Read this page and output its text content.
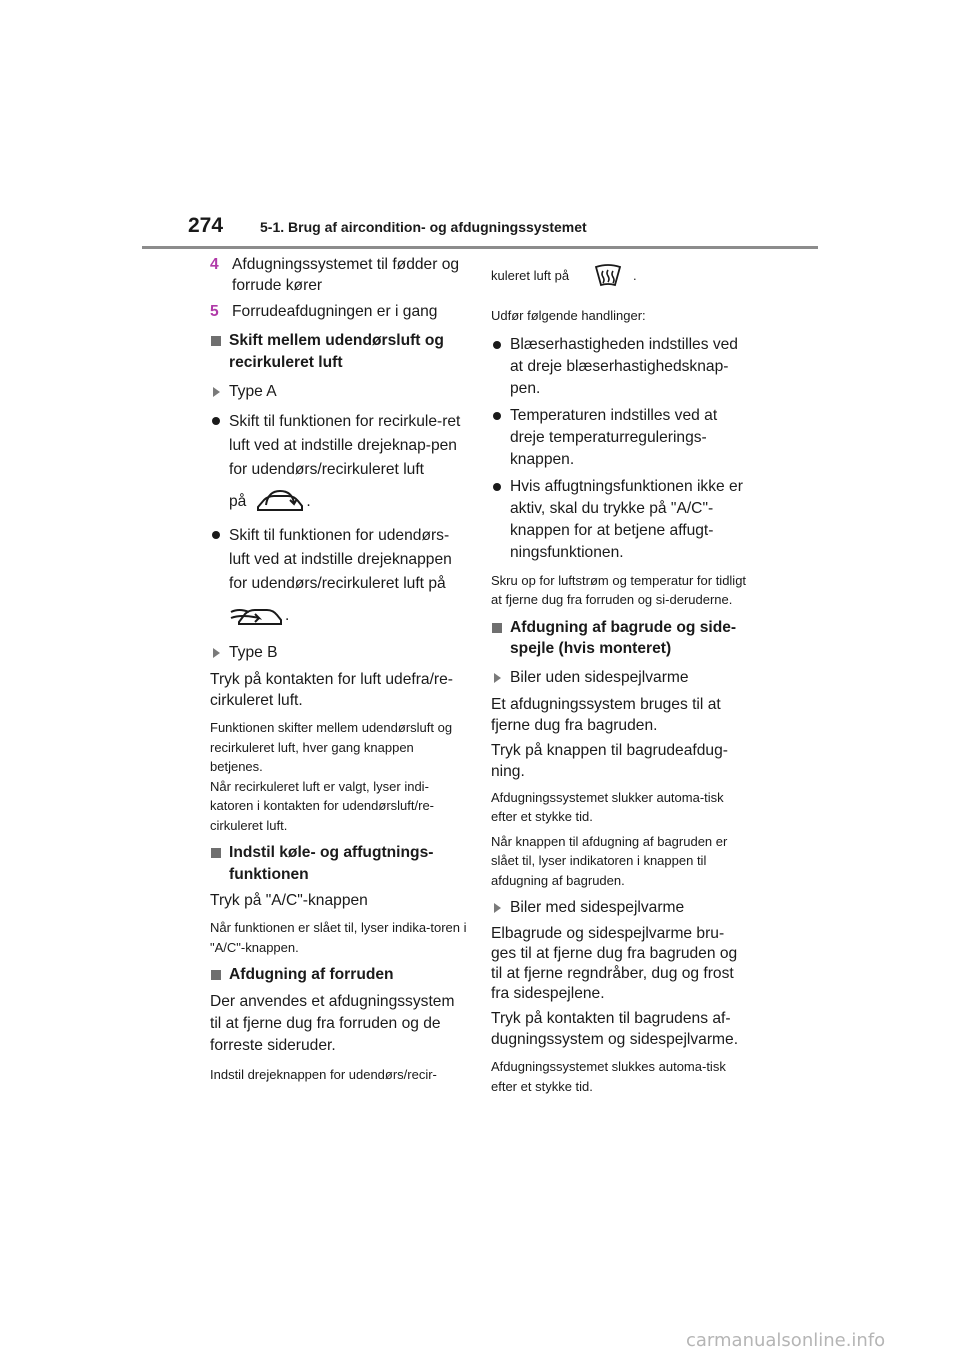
274	5-1. Brug af aircondition- og afdugningssystemet
4 Afdugningssystemet til fødder og forrude kører
5 Forrudeafdugningen er i gang
Skift mellem udendørsluft og recirkuleret luft
Type A
Skift til funktionen for recirkule-ret luft ved at indstille drejeknap-pen for udendørs/recirkuleret luft
på	.
Skift til funktionen for udendørs-luft ved at indstille drejeknappen for udendørs/recirkuleret luft på
.
Type B

Tryk på kontakten for luft udefra/re-cirkuleret luft.

Funktionen skifter mellem udendørsluft og recirkuleret luft, hver gang knappen betjenes.

Når recirkuleret luft er valgt, lyser indi-katoren i kontakten for udendørsluft/re-cirkuleret luft.

Indstil køle- og affugtnings-funktionen

Tryk på "A/C"-knappen

Når funktionen er slået til, lyser indika-toren i "A/C"-knappen.

Afdugning af forruden

Der anvendes et afdugningssystem til at fjerne dug fra forruden og de forreste sideruder.

Indstil drejeknappen for udendørs/recir-

kuleret luft på	.

Udfør følgende handlinger:

Blæserhastigheden indstilles ved at dreje blæserhastighedsknap-pen.
Temperaturen indstilles ved at dreje temperaturregulerings-knappen.
Hvis affugtningsfunktionen ikke er aktiv, skal du trykke på "A/C"-knappen for at betjene affugt-ningsfunktionen.

Skru op for luftstrøm og temperatur for tidligt at fjerne dug fra forruden og si-deruderne.

Afdugning af bagrude og side-spejle (hvis monteret)
Biler uden sidespejlvarme

Et afdugningssystem bruges til at fjerne dug fra bagruden.

Tryk på knappen til bagrudeafdug-ning.

Afdugningssystemet slukker automa-tisk efter et stykke tid.

Når knappen til afdugning af bagruden er slået til, lyser indikatoren i knappen til afdugning af bagruden.

Biler med sidespejlvarme

Elbagrude og sidespejlvarme bru-ges til at fjerne dug fra bagruden og til at fjerne regndråber, dug og frost fra sidespejlene.

Tryk på kontakten til bagrudens af-dugningssystem og sidespejlvarme.

Afdugningssystemet slukkes automa-tisk efter et stykke tid.

carmanualsonline.info
